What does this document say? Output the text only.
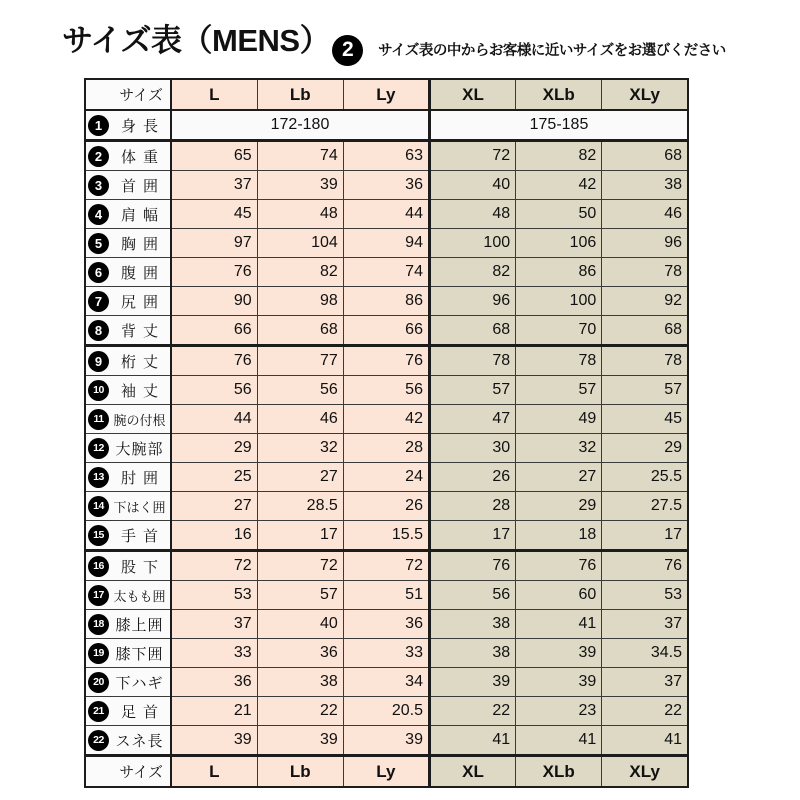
サイズ表（MENS） 2	サイズ表の中からお客様に近いサイズをお選びください
サイズ	L	Lb	Ly	XL	XLb	XLy

1 身長	172-180			175-185		

2 体重	65	74	63	72	82	68

3 首囲	37	39	36	40	42	38

4 肩幅	45	48	44	48	50	46

5 胸囲	97	104	94	100	106	96

6 腹囲	76	82	74	82	86	78

7 尻囲	90	98	86	96	100	92

8 背丈	66	68	66	68	70	68

9 桁丈	76	77	76	78	78	78

10 袖丈	56	56	56	57	57	57

11 腕の付根	44	46	42	47	49	45

12 大腕部	29	32	28	30	32	29

13 肘囲	25	27	24	26	27	25.5

14 下はく囲	27	28.5	26	28	29	27.5

15 手首	16	17	15.5	17	18	17

16 股下	72	72	72	76	76	76

17 太もも囲	53	57	51	56	60	53

18 膝上囲	37	40	36	38	41	37

19 膝下囲	33	36	33	38	39	34.5

20 下ハギ	36	38	34	39	39	37

21 足首	21	22	20.5	22	23	22

22 スネ長	39	39	39	41	41	41
サイズ	L	Lb	Ly	XL	XLb	XLy
